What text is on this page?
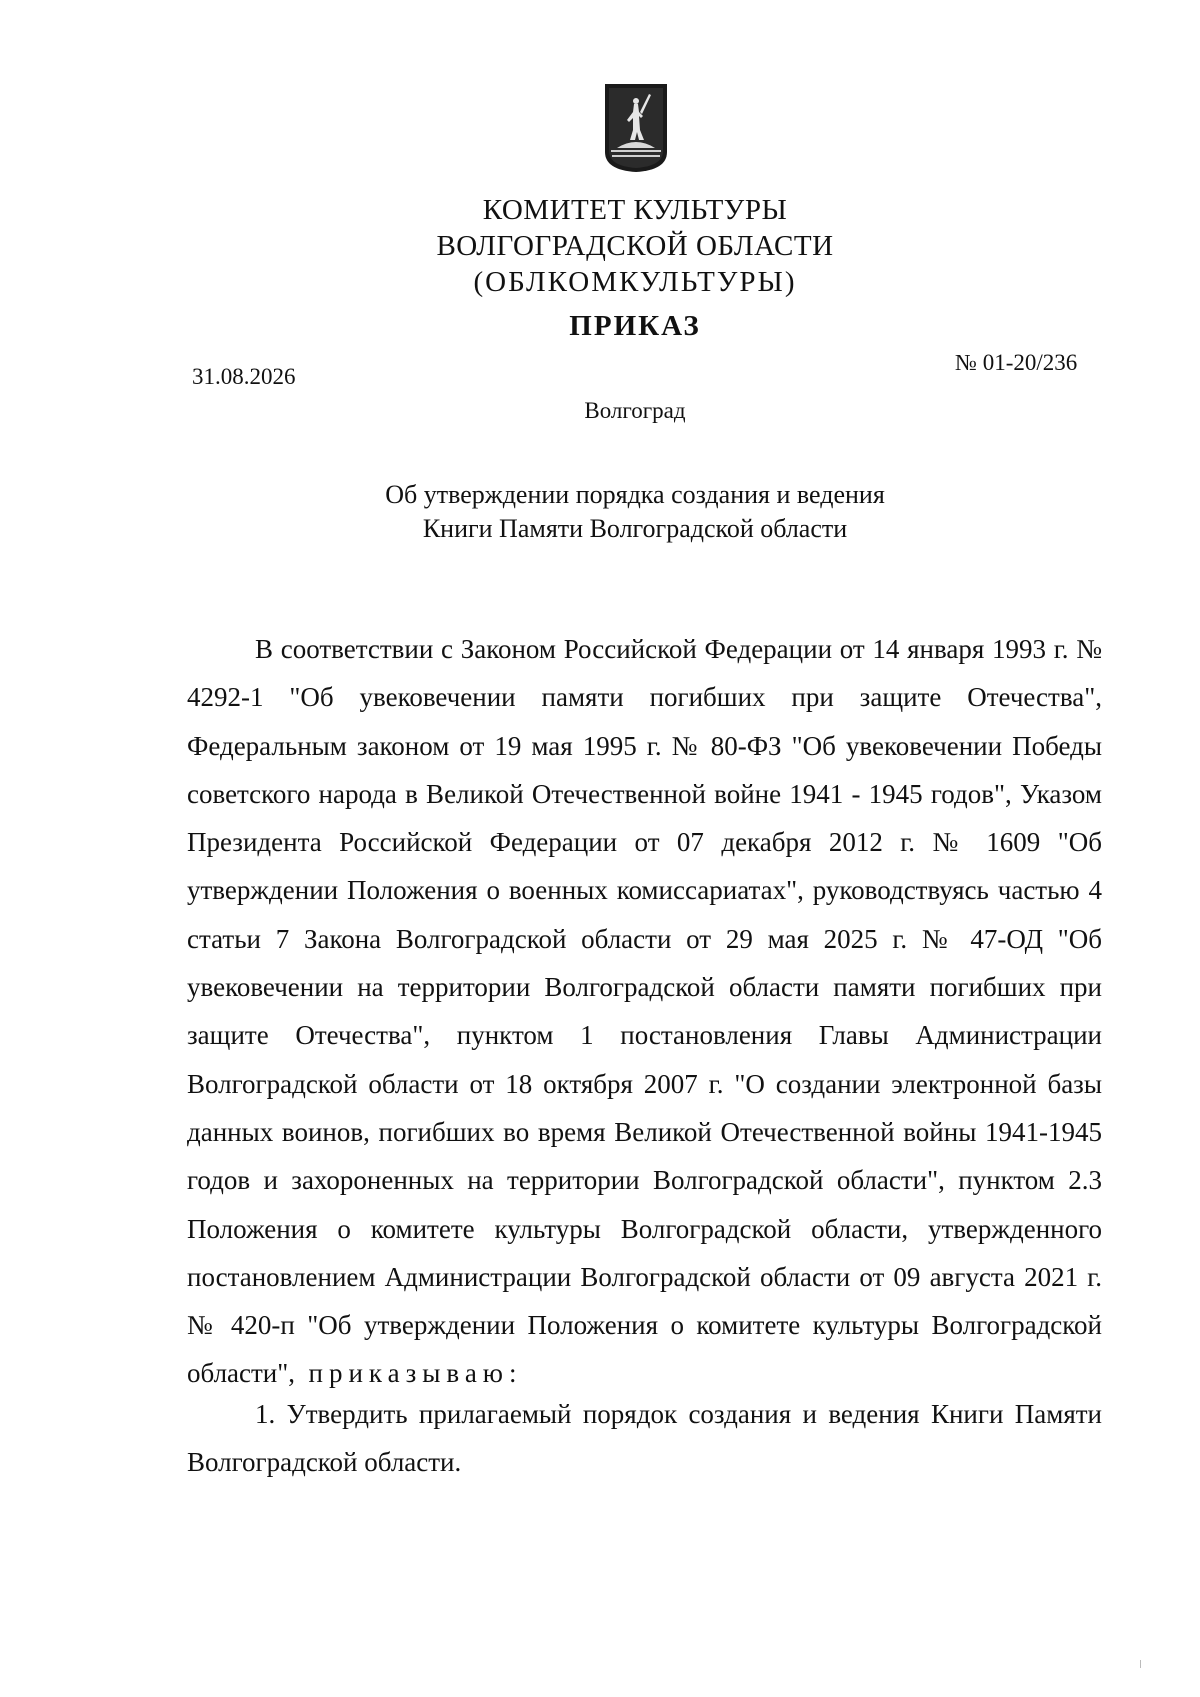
КОМИТЕТ КУЛЬТУРЫ
ВОЛГОГРАДСКОЙ ОБЛАСТИ
(ОБЛКОМКУЛЬТУРЫ)
ПРИКАЗ
31.08.2026
№ 01-20/236
Волгоград
Об утверждении порядка создания и ведения
Книги Памяти Волгоградской области

В соответствии с Законом Российской Федерации от 14 января 1993 г. № 4292-1 "Об увековечении памяти погибших при защите Отечества", Федеральным законом от 19 мая 1995 г. № 80-ФЗ "Об увековечении Победы советского народа в Великой Отечественной войне 1941 - 1945 годов", Указом Президента Российской Федерации от 07 декабря 2012 г. № 1609 "Об утверждении Положения о военных комиссариатах", руководствуясь частью 4 статьи 7 Закона Волгоградской области от 29 мая 2025 г. № 47-ОД "Об увековечении на территории Волгоградской области памяти погибших при защите Отечества", пунктом 1 постановления Главы Администрации Волгоградской области от 18 октября 2007 г. "О создании электронной базы данных воинов, погибших во время Великой Отечественной войны 1941-1945 годов и захороненных на территории Волгоградской области", пунктом 2.3 Положения о комитете культуры Волгоградской области, утвержденного постановлением Администрации Волгоградской области от 09 августа 2021 г. № 420-п "Об утверждении Положения о комитете культуры Волгоградской области", приказываю:

1. Утвердить прилагаемый порядок создания и ведения Книги Памяти Волгоградской области.
